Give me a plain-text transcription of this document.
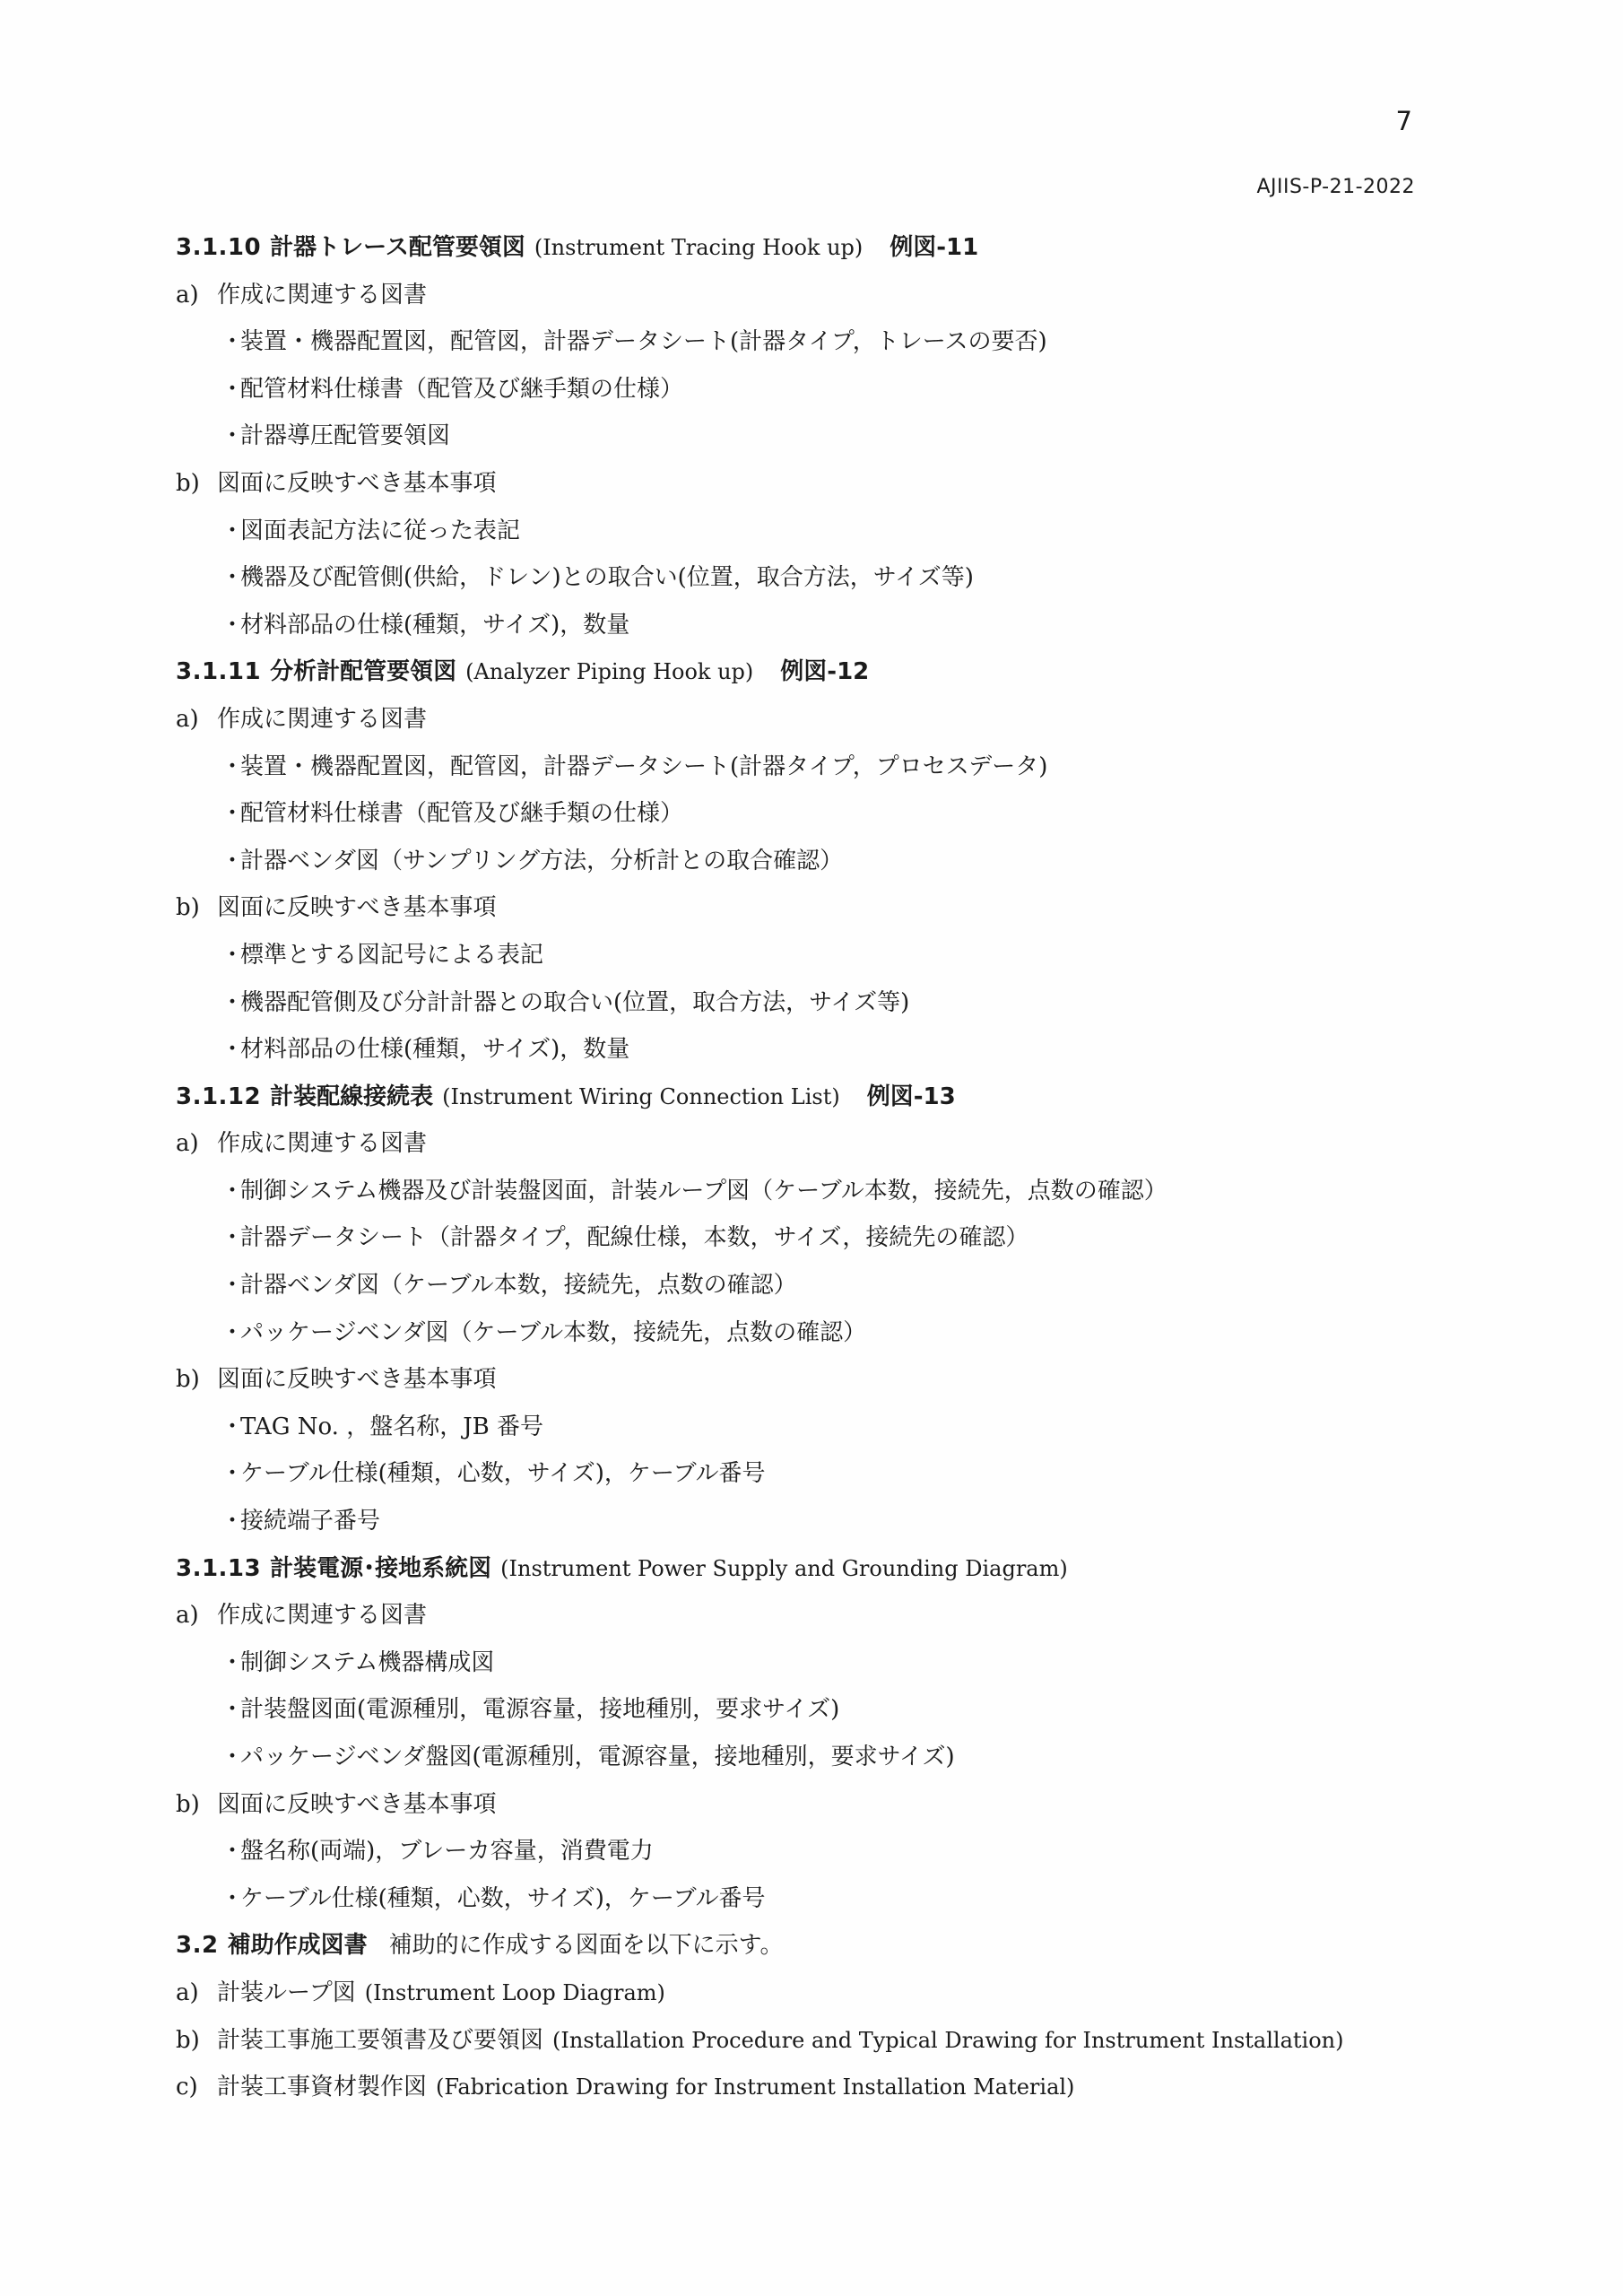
7
AJIIS-P-21-2022
3.1.10 計器トレース配管要領図 (Instrument Tracing Hook up) 例図-11
a) 作成に関連する図書
・装置・機器配置図，配管図，計器データシート(計器タイプ，トレースの要否)
・配管材料仕様書（配管及び継手類の仕様）
・計器導圧配管要領図
b) 図面に反映すべき基本事項
・図面表記方法に従った表記
・機器及び配管側(供給，ドレン)との取合い(位置，取合方法，サイズ等)
・材料部品の仕様(種類，サイズ)，数量
3.1.11 分析計配管要領図 (Analyzer Piping Hook up) 例図-12
a) 作成に関連する図書
・装置・機器配置図，配管図，計器データシート(計器タイプ，プロセスデータ)
・配管材料仕様書（配管及び継手類の仕様）
・計器ベンダ図（サンプリング方法，分析計との取合確認）
b) 図面に反映すべき基本事項
・標準とする図記号による表記
・機器配管側及び分計計器との取合い(位置，取合方法，サイズ等)
・材料部品の仕様(種類，サイズ)，数量
3.1.12 計装配線接続表 (Instrument Wiring Connection List) 例図-13
a) 作成に関連する図書
・制御システム機器及び計装盤図面，計装ループ図（ケーブル本数，接続先，点数の確認）
・計器データシート（計器タイプ，配線仕様，本数，サイズ，接続先の確認）
・計器ベンダ図（ケーブル本数，接続先，点数の確認）
・パッケージベンダ図（ケーブル本数，接続先，点数の確認）
b) 図面に反映すべき基本事項
・TAG No. ，盤名称，JB 番号
・ケーブル仕様(種類，心数，サイズ)，ケーブル番号
・接続端子番号
3.1.13 計装電源･接地系統図 (Instrument Power Supply and Grounding Diagram)
a) 作成に関連する図書
・制御システム機器構成図
・計装盤図面(電源種別，電源容量，接地種別，要求サイズ)
・パッケージベンダ盤図(電源種別，電源容量，接地種別，要求サイズ)
b) 図面に反映すべき基本事項
・盤名称(両端)，ブレーカ容量，消費電力
・ケーブル仕様(種類，心数，サイズ)，ケーブル番号
3.2 補助作成図書 補助的に作成する図面を以下に示す。
a) 計装ループ図 (Instrument Loop Diagram)
b) 計装工事施工要領書及び要領図 (Installation Procedure and Typical Drawing for Instrument Installation)
c) 計装工事資材製作図 (Fabrication Drawing for Instrument Installation Material)
